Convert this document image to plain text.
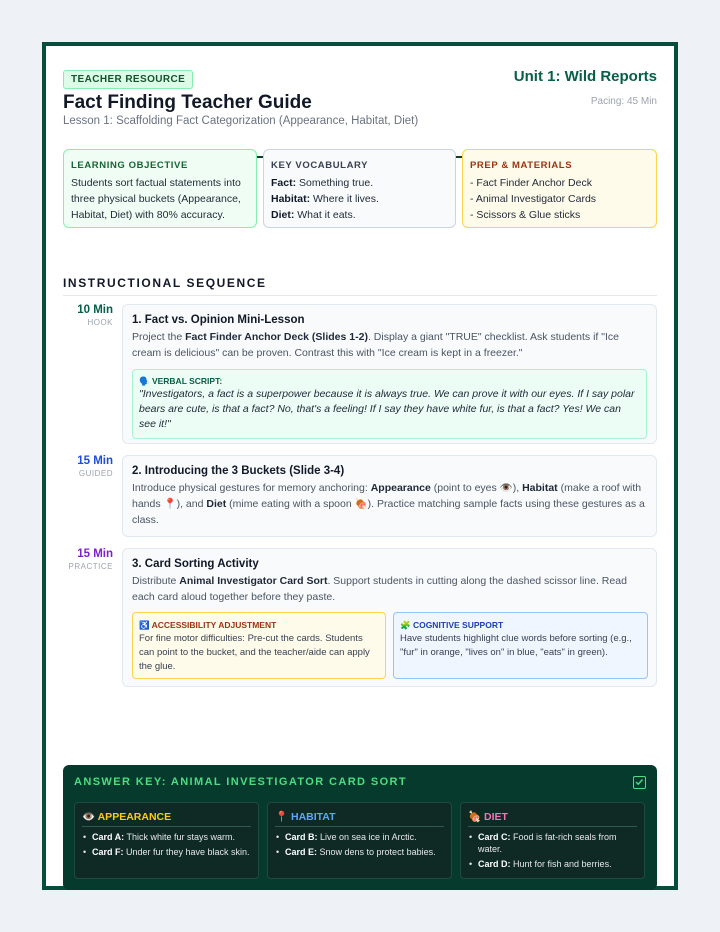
TEACHER RESOURCE	Unit 1: Wild Reports
Fact Finding Teacher Guide	Pacing: 45 Min
Lesson 1: Scaffolding Fact Categorization (Appearance, Habitat, Diet)
LEARNING OBJECTIVE
Students sort factual statements into three physical buckets (Appearance, Habitat, Diet) with 80% accuracy.
KEY VOCABULARY
Fact: Something true.
Habitat: Where it lives.
Diet: What it eats.
PREP & MATERIALS
- Fact Finder Anchor Deck
- Animal Investigator Cards
- Scissors & Glue sticks
INSTRUCTIONAL SEQUENCE
10 Min
HOOK 1. Fact vs. Opinion Mini-Lesson

Project the Fact Finder Anchor Deck (Slides 1-2). Display a giant "TRUE" checklist. Ask students if "Ice cream is delicious" can be proven. Contrast this with "Ice cream is kept in a freezer."

🗣️ VERBAL SCRIPT:
"Investigators, a fact is a superpower because it is always true. We can prove it with our eyes. If I say polar bears are cute, is that a fact? No, that's a feeling! If I say they have white fur, is that a fact? Yes! We can see it!"
15 Min
GUIDED 2. Introducing the 3 Buckets (Slide 3-4)

Introduce physical gestures for memory anchoring: Appearance (point to eyes 👁️), Habitat (make a roof with hands 📍), and Diet (mime eating with a spoon 🍖). Practice matching sample facts using these gestures as a class.

15 Min
PRACTICE 3. Card Sorting Activity

Distribute Animal Investigator Card Sort. Support students in cutting along the dashed scissor line. Read each card aloud together before they paste.

♿ ACCESSIBILITY ADJUSTMENT
For fine motor difficulties: Pre-cut the cards. Students can point to the bucket, and the teacher/aide can apply the glue.
🧩 COGNITIVE SUPPORT
Have students highlight clue words before sorting (e.g., "fur" in orange, "lives on" in blue, "eats" in green).
ANSWER KEY: ANIMAL INVESTIGATOR CARD SORT
👁️ APPEARANCE
• Card A: Thick white fur stays warm.
• Card F: Under fur they have black skin.
📍 HABITAT
• Card B: Live on sea ice in Arctic.
• Card E: Snow dens to protect babies.
🍖 DIET
• Card C: Food is fat-rich seals from water.
• Card D: Hunt for fish and berries.
